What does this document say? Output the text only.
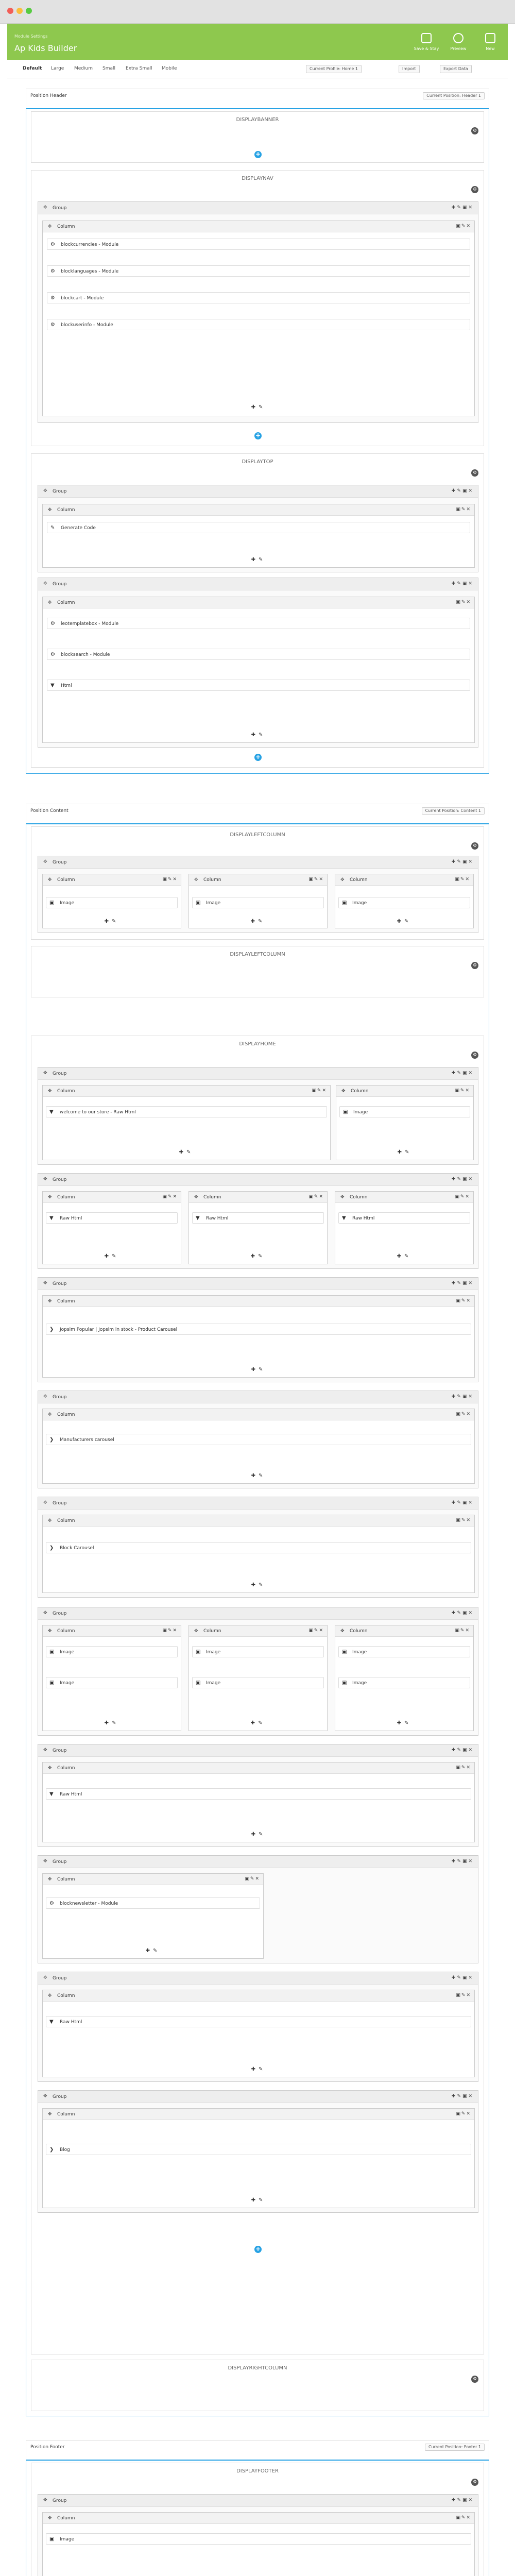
Module Settings
Ap Kids Builder	Save & Stay	Preview	New
Default Large Medium Small Extra Small Mobile	Current Profile: Home 1	Import	Export Data
Position Header	Current Position: Header 1
DISPLAYBANNER
⚙
+
DISPLAYNAV
⚙
✥ Group	✚✎▣✕
✥ Column	▣✎✕
⚙	blockcurrencies - Module
⚙	blocklanguages - Module
⚙	blockcart - Module
⚙	blockuserinfo - Module
✚✎
+
DISPLAYTOP
⚙
✥ Group	✚✎▣✕
✥ Column	▣✎✕
✎	Generate Code
✚✎
✥ Group	✚✎▣✕
✥ Column	▣✎✕
⚙	leotemplatebox - Module
⚙	blocksearch - Module
▼	Html
✚✎
+
Position Content	Current Position: Content 1
DISPLAYLEFTCOLUMN
⚙
✥ Group	✚✎▣✕
✥ Column	▣✎✕
▣ Image
✚✎
✥ Column	▣✎✕
▣ Image
✚✎
✥ Column	▣✎✕
▣ Image
✚✎
DISPLAYLEFTCOLUMN
⚙
DISPLAYHOME
⚙
✥ Group	✚✎▣✕
✥ Column	▣✎✕
▼	welcome to our store - Raw Html
✚✎
✥ Column	▣✎✕
▣ Image
✚✎
✥ Group	✚✎▣✕
✥ Column	▣✎✕
▼	Raw Html
✚✎
✥ Column	▣✎✕
▼	Raw Html
✚✎
✥ Column	▣✎✕
▼	Raw Html
✚✎
✥ Group	✚✎▣✕
✥ Column	▣✎✕
❯	Jopsim Popular | Jopsim in stock - Product Carousel
✚✎
✥ Group	✚✎▣✕
✥ Column	▣✎✕
❯	Manufacturers carousel
✚✎
✥ Group	✚✎▣✕
✥ Column	▣✎✕
❯	Block Carousel
✚✎
✥ Group	✚✎▣✕
✥ Column	▣✎✕
▣ Image
▣ Image
✚✎
✥ Column	▣✎✕
▣ Image
▣ Image
✚✎
✥ Column	▣✎✕
▣ Image
▣ Image
✚✎
✥ Group	✚✎▣✕
✥ Column	▣✎✕
▼	Raw Html
✚✎
✥ Group	✚✎▣✕
✥ Column	▣✎✕
⚙	blocknewsletter - Module
✚✎
✥ Group	✚✎▣✕
✥ Column	▣✎✕
▼	Raw Html
✚✎
✥ Group	✚✎▣✕
✥ Column	▣✎✕
❯	Blog
✚✎
+
DISPLAYRIGHTCOLUMN
⚙
Position Footer	Current Position: Footer 1
DISPLAYFOOTER
⚙
✥ Group	✚✎▣✕
✥ Column	▣✎✕
▣ Image
